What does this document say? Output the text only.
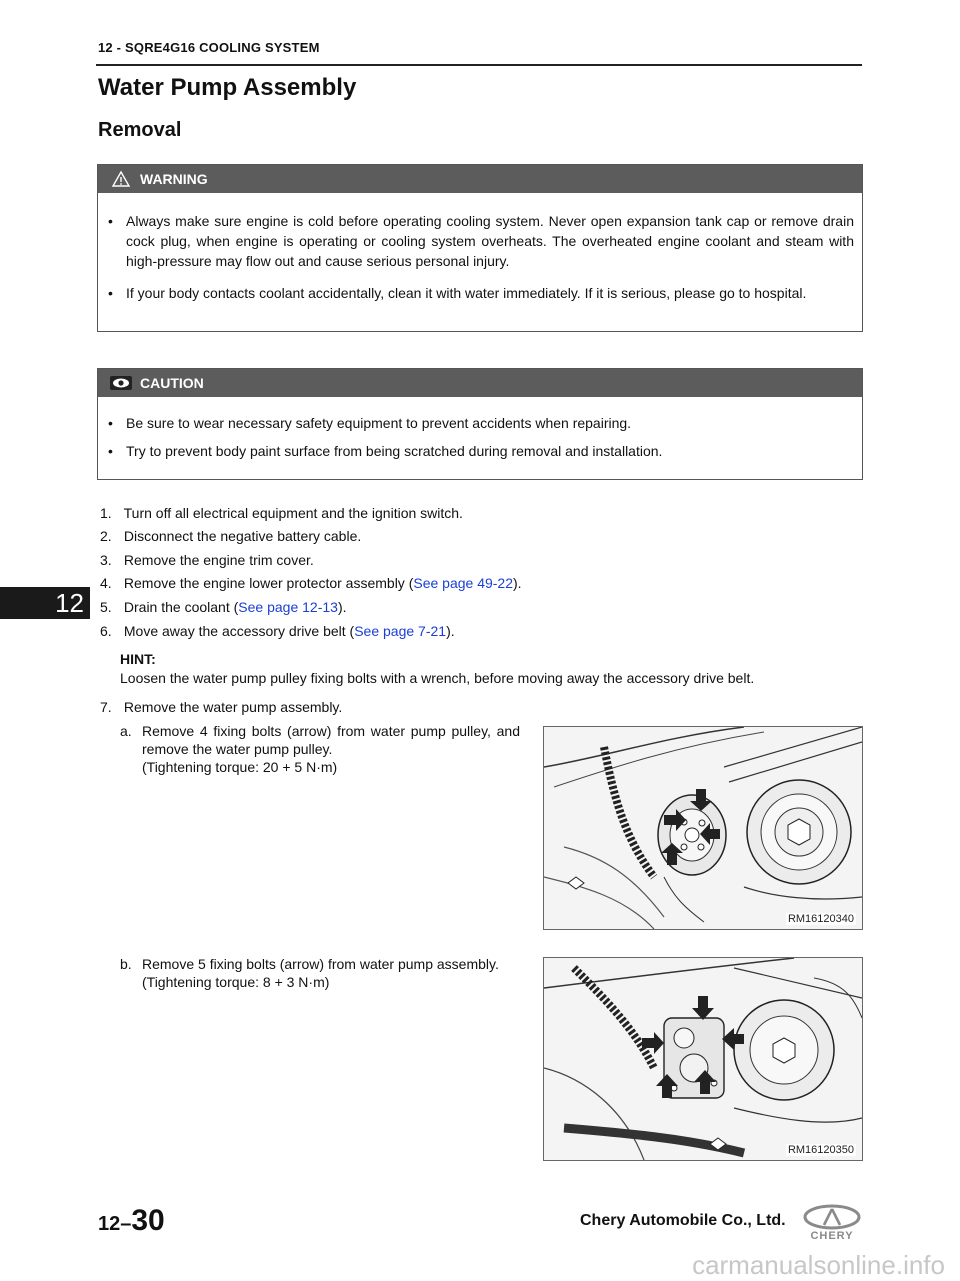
12 - SQRE4G16 COOLING SYSTEM
Water Pump Assembly
Removal
WARNING
• Always make sure engine is cold before operating cooling system. Never open expansion tank cap or remove drain cock plug, when engine is operating or cooling system overheats. The overheated engine coolant and steam with high-pressure may flow out and cause serious personal injury.
• If your body contacts coolant accidentally, clean it with water immediately. If it is serious, please go to hospital.
CAUTION
• Be sure to wear necessary safety equipment to prevent accidents when repairing.
• Try to prevent body paint surface from being scratched during removal and installation.
1. Turn off all electrical equipment and the ignition switch.
2. Disconnect the negative battery cable.
3. Remove the engine trim cover.
4. Remove the engine lower protector assembly (See page 49-22).
5. Drain the coolant (See page 12-13).
6. Move away the accessory drive belt (See page 7-21).
HINT:
Loosen the water pump pulley fixing bolts with a wrench, before moving away the accessory drive belt.
7. Remove the water pump assembly.
a. Remove 4 fixing bolts (arrow) from water pump pulley, and remove the water pump pulley.
(Tightening torque: 20 + 5 N·m)
RM16120340
b. Remove 5 fixing bolts (arrow) from water pump assembly.
(Tightening torque: 8 + 3 N·m)
RM16120350
12
12–30	Chery Automobile Co., Ltd.
CHERY
carmanualsonline.info
